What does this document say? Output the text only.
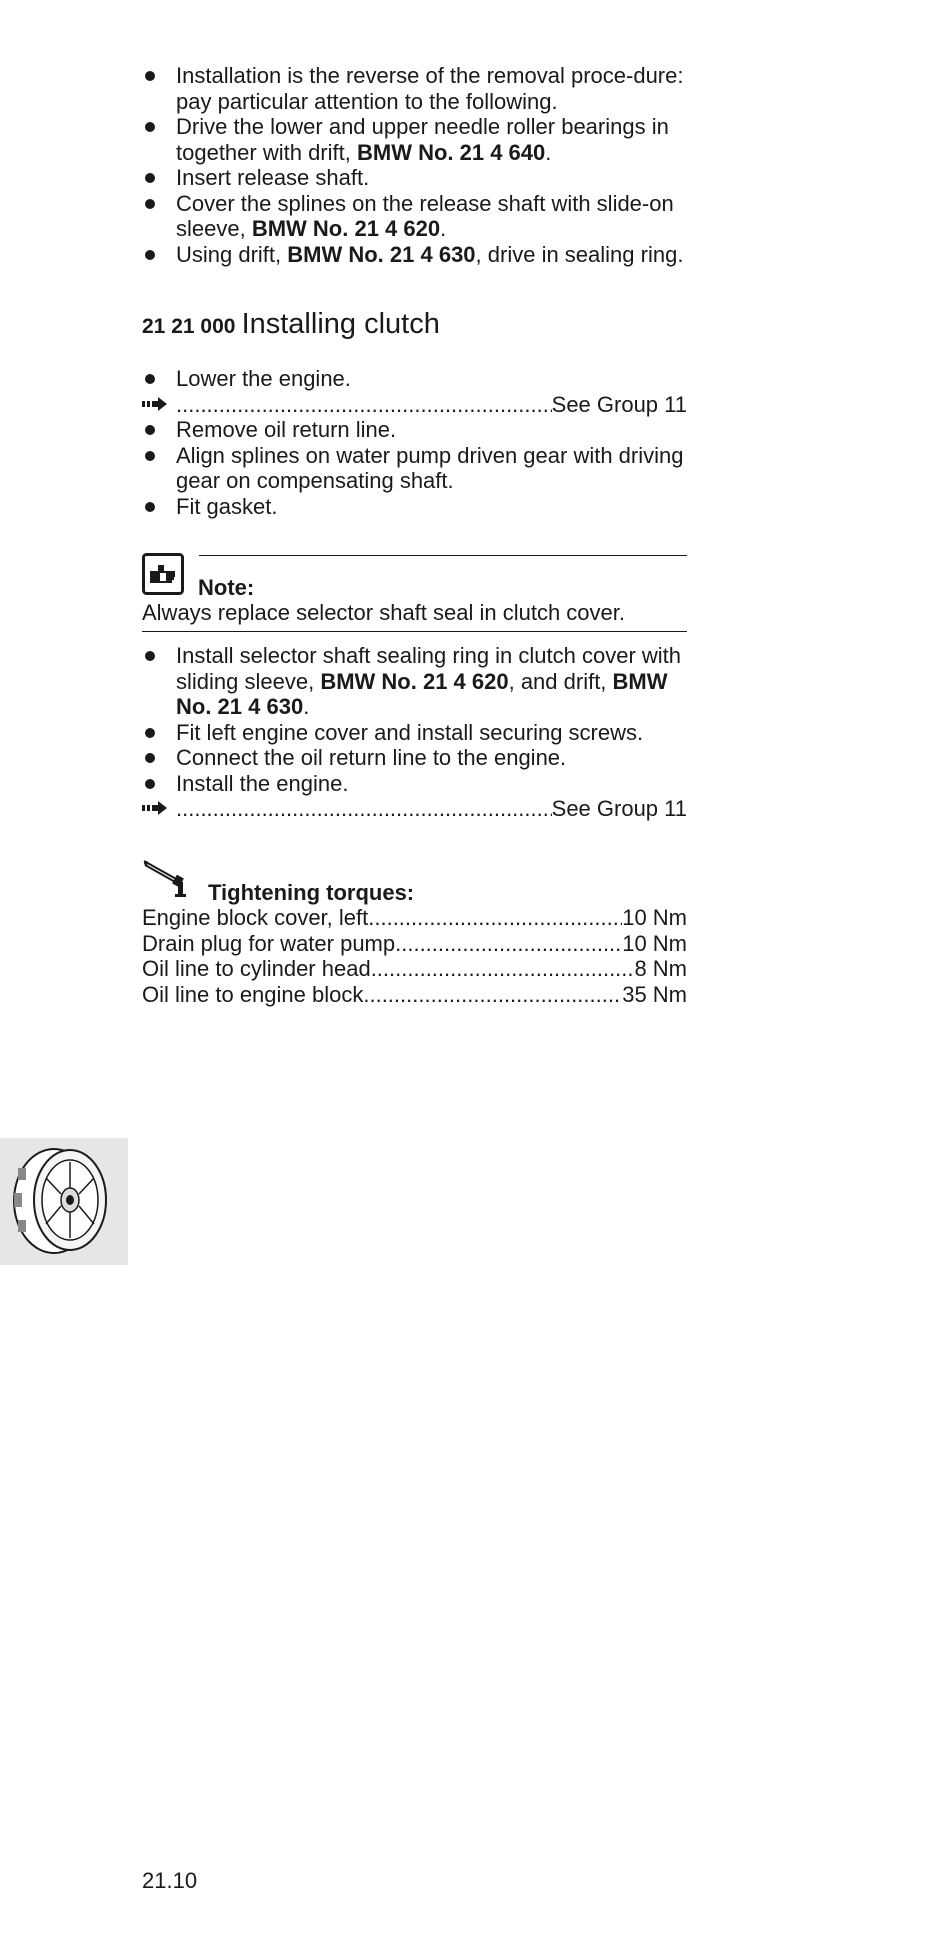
Installation is the reverse of the removal proce-dure: pay particular attention to the following.
Drive the lower and upper needle roller bearings in together with drift, BMW No. 21 4 640.
Insert release shaft.
Cover the splines on the release shaft with slide-on sleeve, BMW No. 21 4 620.
Using drift, BMW No. 21 4 630, drive in sealing ring.
21 21 000 Installing clutch
Lower the engine.
.....
See Group 11
Remove oil return line.
Align splines on water pump driven gear with driving gear on compensating shaft.
Fit gasket.
Note:
Always replace selector shaft seal in clutch cover.
Install selector shaft sealing ring in clutch cover with sliding sleeve, BMW No. 21 4 620, and drift, BMW No. 21 4 630.
Fit left engine cover and install securing screws.
Connect the oil return line to the engine.
Install the engine.
.....
See Group 11
Tightening torques:
Engine block cover, left .....	10 Nm
Drain plug for water pump .....	10 Nm
Oil line to cylinder head .....	8 Nm
Oil line to engine block .....	35 Nm
21.10
